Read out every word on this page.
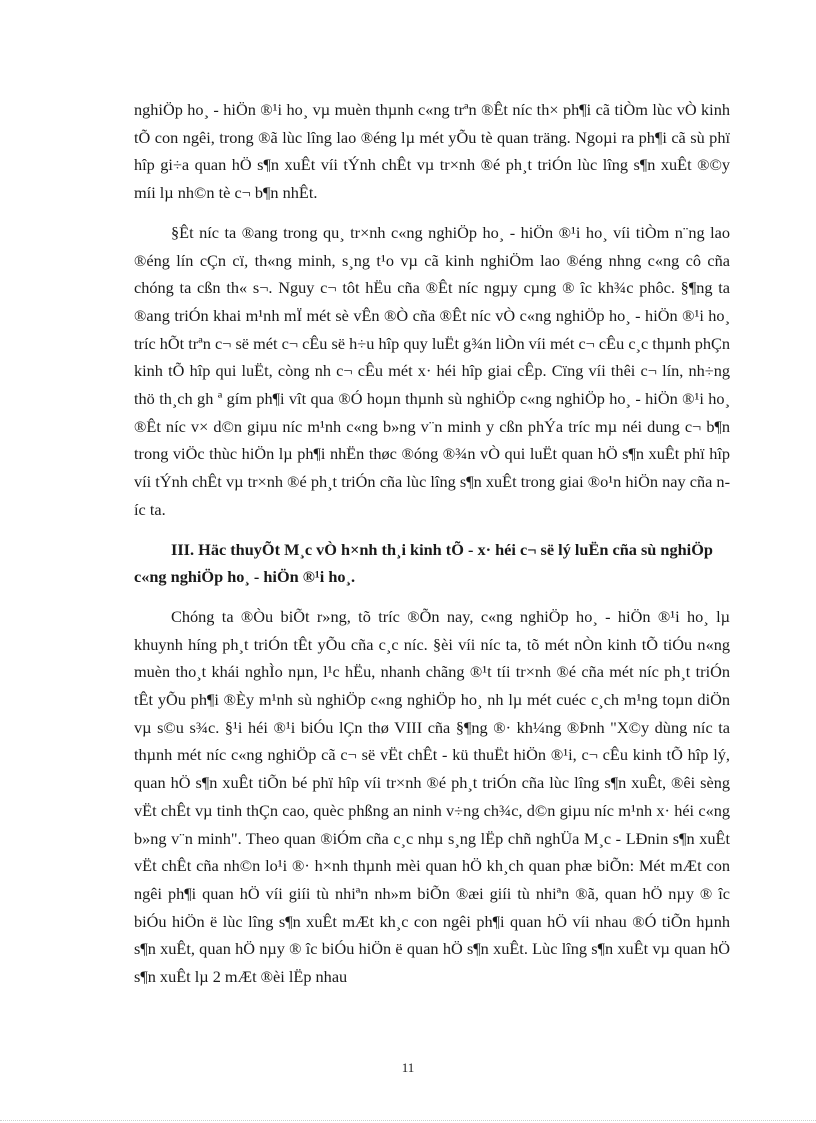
nghiÖp ho¸ - hiÖn ®¹i ho¸ vµ muèn thµnh c«ng trªn ®Êt níc th× ph¶i cã tiÒm lùc vÒ kinh tÕ con ngêi, trong ®ã lùc lîng lao ®éng lµ mét yÕu tè quan träng. Ngoµi ra ph¶i cã sù phï hîp gi÷a quan hÖ s¶n xuÊt víi tÝnh chÊt vµ tr×nh ®é ph¸t triÓn lùc lîng s¶n xuÊt ®©y míi lµ nh©n tè c¬ b¶n nhÊt.

§Êt níc ta ®ang trong qu¸ tr×nh c«ng nghiÖp ho¸ - hiÖn ®¹i ho¸ víi tiÒm n¨ng lao ®éng lín cÇn cï, th«ng minh, s¸ng t¹o vµ cã kinh nghiÖm lao ®éng nhng c«ng cô cña chóng ta cßn th« s¬. Nguy c¬ tôt hËu cña ®Êt níc ngµy cµng ® îc kh¾c phôc. §¶ng ta ®ang triÓn khai m¹nh mÏ mét sè vÊn ®Ò cña ®Êt níc vÒ c«ng nghiÖp ho¸ - hiÖn ®¹i ho¸ tríc hÕt trªn c¬ së mét c¬ cÊu së h÷u hîp quy luËt g¾n liÒn víi mét c¬ cÊu c¸c thµnh phÇn kinh tÕ hîp qui luËt, còng nh c¬ cÊu mét x· héi hîp giai cÊp. Cïng víi thêi c¬ lín, nh÷ng thö th¸ch gh ª gím ph¶i vît qua ®Ó hoµn thµnh sù nghiÖp c«ng nghiÖp ho¸ - hiÖn ®¹i ho¸ ®Êt níc v× d©n giµu níc m¹nh c«ng b»ng v¨n minh y cßn phÝa tríc mµ néi dung c¬ b¶n trong viÖc thùc hiÖn lµ ph¶i nhËn thøc ®óng ®¾n vÒ qui luËt quan hÖ s¶n xuÊt phï hîp víi tÝnh chÊt vµ tr×nh ®é ph¸t triÓn cña lùc lîng s¶n xuÊt trong giai ®o¹n hiÖn nay cña níc ta.

III. Häc thuyÕt M¸c vÒ h×nh th¸i kinh tÕ - x· héi c¬ së lý luËn cña sù nghiÖp c«ng nghiÖp ho¸ - hiÖn ®¹i ho¸.

Chóng ta ®Òu biÕt r»ng, tõ tríc ®Õn nay, c«ng nghiÖp ho¸ - hiÖn ®¹i ho¸ lµ khuynh híng ph¸t triÓn tÊt yÕu cña c¸c níc. §èi víi níc ta, tõ mét nÒn kinh tÕ tiÓu n«ng muèn tho¸t khái nghÌo nµn, l¹c hËu, nhanh chãng ®¹t tíi tr×nh ®é cña mét níc ph¸t triÓn tÊt yÕu ph¶i ®Èy m¹nh sù nghiÖp c«ng nghiÖp ho¸ nh lµ mét cuéc c¸ch m¹ng toµn diÖn vµ s©u s¾c. §¹i héi ®¹i biÓu lÇn thø VIII cña §¶ng ®· kh¼ng ®Þnh "X©y dùng níc ta thµnh mét níc c«ng nghiÖp cã c¬ së vËt chÊt - kü thuËt hiÖn ®¹i, c¬ cÊu kinh tÕ hîp lý, quan hÖ s¶n xuÊt tiÕn bé phï hîp víi tr×nh ®é ph¸t triÓn cña lùc lîng s¶n xuÊt, ®êi sèng vËt chÊt vµ tinh thÇn cao, quèc phßng an ninh v÷ng ch¾c, d©n giµu níc m¹nh x· héi c«ng b»ng v¨n minh". Theo quan ®iÓm cña c¸c nhµ s¸ng lËp chñ nghÜa M¸c - LÐnin s¶n xuÊt vËt chÊt cña nh©n lo¹i ®· h×nh thµnh mèi quan hÖ kh¸ch quan phæ biÕn: Mét mÆt con ngêi ph¶i quan hÖ víi giíi tù nhiªn nh»m biÕn ®æi giíi tù nhiªn ®ã, quan hÖ nµy ® îc biÓu hiÖn ë lùc lîng s¶n xuÊt mÆt kh¸c con ngêi ph¶i quan hÖ víi nhau ®Ó tiÕn hµnh s¶n xuÊt, quan hÖ nµy ® îc biÓu hiÖn ë quan hÖ s¶n xuÊt. Lùc lîng s¶n xuÊt vµ quan hÖ s¶n xuÊt lµ 2 mÆt ®èi lËp nhau

11
